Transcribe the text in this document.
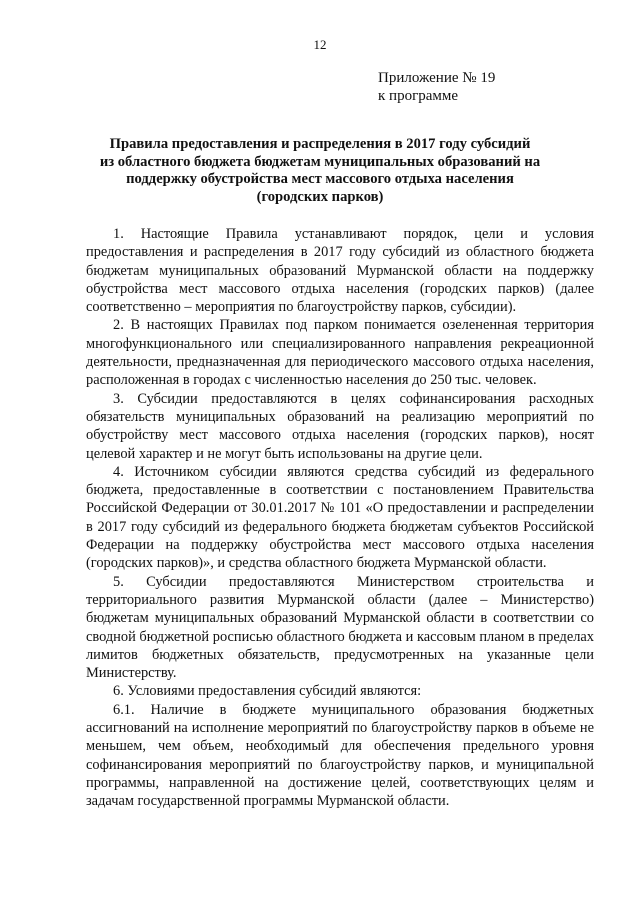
12
Приложение № 19
к программе
Правила предоставления и распределения в 2017 году субсидий
из областного бюджета бюджетам муниципальных образований на
поддержку обустройства мест массового отдыха населения
(городских парков)

1. Настоящие Правила устанавливают порядок, цели и условия предоставления и распределения в 2017 году субсидий из областного бюджета бюджетам муниципальных образований Мурманской области на поддержку обустройства мест массового отдыха населения (городских парков) (далее соответственно – мероприятия по благоустройству парков, субсидии).

2. В настоящих Правилах под парком понимается озелененная территория многофункционального или специализированного направления рекреационной деятельности, предназначенная для периодического массового отдыха населения, расположенная в городах с численностью населения до 250 тыс. человек.

3. Субсидии предоставляются в целях софинансирования расходных обязательств муниципальных образований на реализацию мероприятий по обустройству мест массового отдыха населения (городских парков), носят целевой характер и не могут быть использованы на другие цели.

4. Источником субсидии являются средства субсидий из федерального бюджета, предоставленные в соответствии с постановлением Правительства Российской Федерации от 30.01.2017 № 101 «О предоставлении и распределении в 2017 году субсидий из федерального бюджета бюджетам субъектов Российской Федерации на поддержку обустройства мест массового отдыха населения (городских парков)», и средства областного бюджета Мурманской области.

5. Субсидии предоставляются Министерством строительства и территориального развития Мурманской области (далее – Министерство) бюджетам муниципальных образований Мурманской области в соответствии со сводной бюджетной росписью областного бюджета и кассовым планом в пределах лимитов бюджетных обязательств, предусмотренных на указанные цели Министерству.

6. Условиями предоставления субсидий являются:

6.1. Наличие в бюджете муниципального образования бюджетных ассигнований на исполнение мероприятий по благоустройству парков в объеме не меньшем, чем объем, необходимый для обеспечения предельного уровня софинансирования мероприятий по благоустройству парков, и муниципальной программы, направленной на достижение целей, соответствующих целям и задачам государственной программы Мурманской области.
